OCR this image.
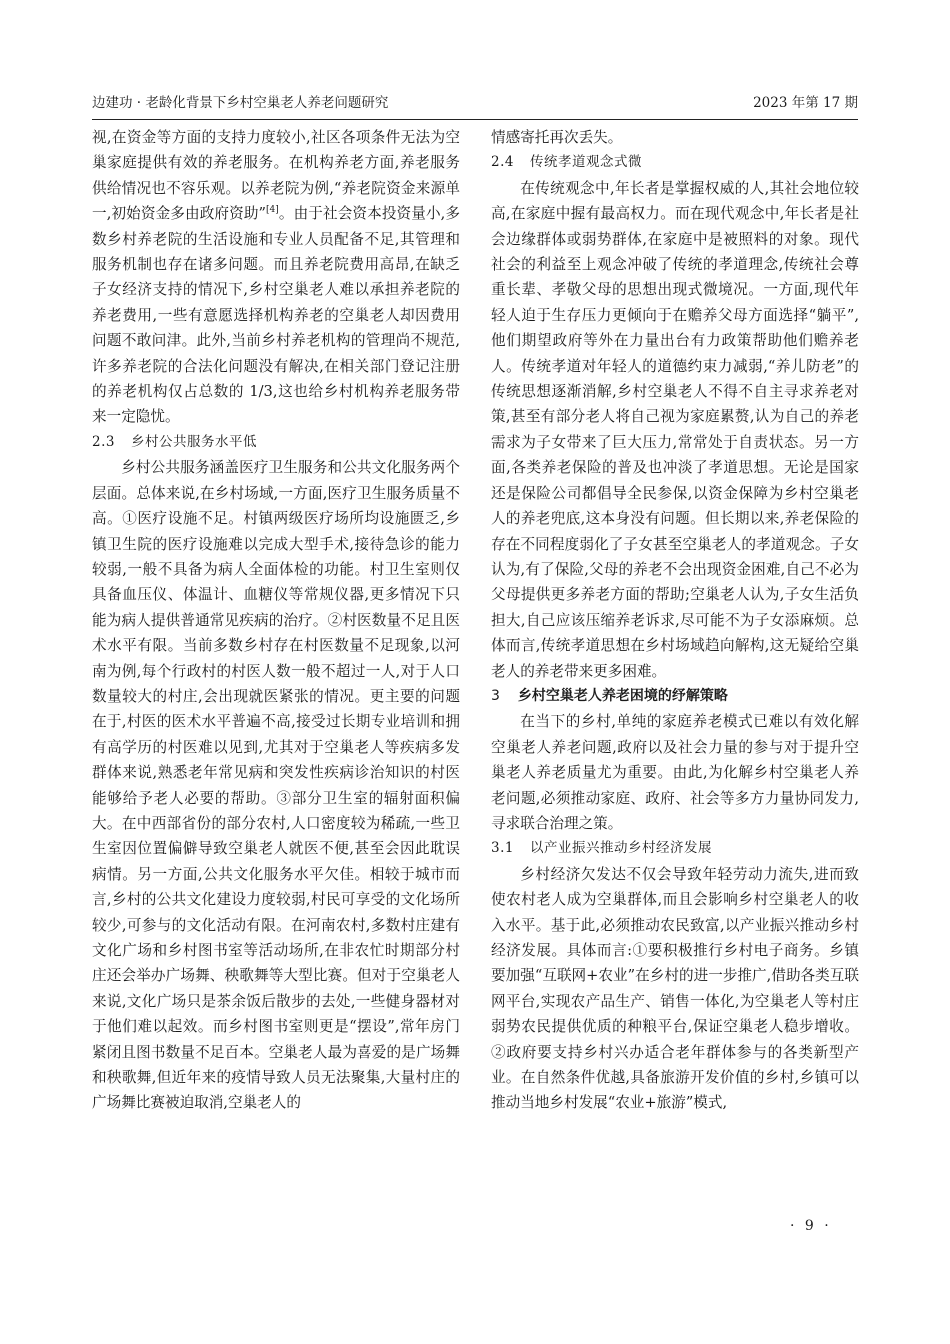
边建功 · 老龄化背景下乡村空巢老人养老问题研究	2023 年第 17 期

视,在资金等方面的支持力度较小,社区各项条件无法为空巢家庭提供有效的养老服务。在机构养老方面,养老服务供给情况也不容乐观。以养老院为例,“养老院资金来源单一,初始资金多由政府资助”[4]。由于社会资本投资量小,多数乡村养老院的生活设施和专业人员配备不足,其管理和服务机制也存在诸多问题。而且养老院费用高昂,在缺乏子女经济支持的情况下,乡村空巢老人难以承担养老院的养老费用,一些有意愿选择机构养老的空巢老人却因费用问题不敢问津。此外,当前乡村养老机构的管理尚不规范,许多养老院的合法化问题没有解决,在相关部门登记注册的养老机构仅占总数的 1/3,这也给乡村机构养老服务带来一定隐忧。

2.3 乡村公共服务水平低

乡村公共服务涵盖医疗卫生服务和公共文化服务两个层面。总体来说,在乡村场域,一方面,医疗卫生服务质量不高。①医疗设施不足。村镇两级医疗场所均设施匮乏,乡镇卫生院的医疗设施难以完成大型手术,接待急诊的能力较弱,一般不具备为病人全面体检的功能。村卫生室则仅具备血压仪、体温计、血糖仪等常规仪器,更多情况下只能为病人提供普通常见疾病的治疗。②村医数量不足且医术水平有限。当前多数乡村存在村医数量不足现象,以河南为例,每个行政村的村医人数一般不超过一人,对于人口数量较大的村庄,会出现就医紧张的情况。更主要的问题在于,村医的医术水平普遍不高,接受过长期专业培训和拥有高学历的村医难以见到,尤其对于空巢老人等疾病多发群体来说,熟悉老年常见病和突发性疾病诊治知识的村医能够给予老人必要的帮助。③部分卫生室的辐射面积偏大。在中西部省份的部分农村,人口密度较为稀疏,一些卫生室因位置偏僻导致空巢老人就医不便,甚至会因此耽误病情。另一方面,公共文化服务水平欠佳。相较于城市而言,乡村的公共文化建设力度较弱,村民可享受的文化场所较少,可参与的文化活动有限。在河南农村,多数村庄建有文化广场和乡村图书室等活动场所,在非农忙时期部分村庄还会举办广场舞、秧歌舞等大型比赛。但对于空巢老人来说,文化广场只是茶余饭后散步的去处,一些健身器材对于他们难以起效。而乡村图书室则更是“摆设”,常年房门紧闭且图书数量不足百本。空巢老人最为喜爱的是广场舞和秧歌舞,但近年来的疫情导致人员无法聚集,大量村庄的广场舞比赛被迫取消,空巢老人的

情感寄托再次丢失。

2.4 传统孝道观念式微

在传统观念中,年长者是掌握权威的人,其社会地位较高,在家庭中握有最高权力。而在现代观念中,年长者是社会边缘群体或弱势群体,在家庭中是被照料的对象。现代社会的利益至上观念冲破了传统的孝道理念,传统社会尊重长辈、孝敬父母的思想出现式微境况。一方面,现代年轻人迫于生存压力更倾向于在赡养父母方面选择“躺平”,他们期望政府等外在力量出台有力政策帮助他们赡养老人。传统孝道对年轻人的道德约束力减弱,“养儿防老”的传统思想逐渐消解,乡村空巢老人不得不自主寻求养老对策,甚至有部分老人将自己视为家庭累赘,认为自己的养老需求为子女带来了巨大压力,常常处于自责状态。另一方面,各类养老保险的普及也冲淡了孝道思想。无论是国家还是保险公司都倡导全民参保,以资金保障为乡村空巢老人的养老兜底,这本身没有问题。但长期以来,养老保险的存在不同程度弱化了子女甚至空巢老人的孝道观念。子女认为,有了保险,父母的养老不会出现资金困难,自己不必为父母提供更多养老方面的帮助;空巢老人认为,子女生活负担大,自己应该压缩养老诉求,尽可能不为子女添麻烦。总体而言,传统孝道思想在乡村场域趋向解构,这无疑给空巢老人的养老带来更多困难。

3 乡村空巢老人养老困境的纾解策略

在当下的乡村,单纯的家庭养老模式已难以有效化解空巢老人养老问题,政府以及社会力量的参与对于提升空巢老人养老质量尤为重要。由此,为化解乡村空巢老人养老问题,必须推动家庭、政府、社会等多方力量协同发力,寻求联合治理之策。

3.1 以产业振兴推动乡村经济发展

乡村经济欠发达不仅会导致年轻劳动力流失,进而致使农村老人成为空巢群体,而且会影响乡村空巢老人的收入水平。基于此,必须推动农民致富,以产业振兴推动乡村经济发展。具体而言:①要积极推行乡村电子商务。乡镇要加强“互联网+农业”在乡村的进一步推广,借助各类互联网平台,实现农产品生产、销售一体化,为空巢老人等村庄弱势农民提供优质的种粮平台,保证空巢老人稳步增收。②政府要支持乡村兴办适合老年群体参与的各类新型产业。在自然条件优越,具备旅游开发价值的乡村,乡镇可以推动当地乡村发展“农业+旅游”模式,

· 9 ·
